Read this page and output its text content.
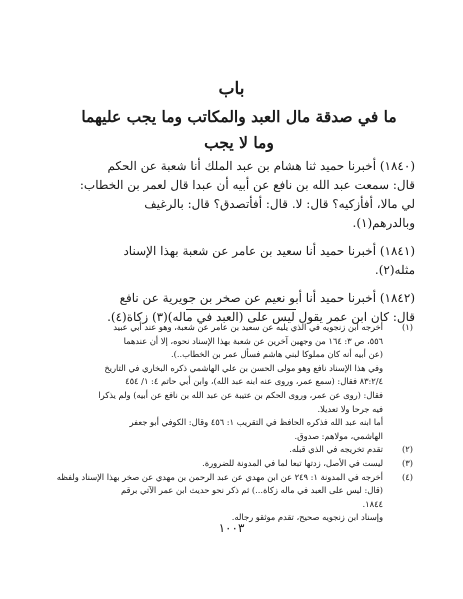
باب
ما في صدقة مال العبد والمكاتب وما يجب عليهما
وما لا يجب

(١٨٤٠) أخبرنا حميد ثنا هشام بن عبد الملك أنا شعبة عن الحكم

قال: سمعت عبد الله بن نافع عن أبيه أن عبدا قال لعمر بن الخطاب:

لي مالا، أفأزكيه؟ قال: لا. قال: أفأتصدق؟ قال: بالرغيف

وبالدرهم(١).

(١٨٤١) أخبرنا حميد أنا سعيد بن عامر عن شعبة بهذا الإسناد

مثله(٢).

(١٨٤٢) أخبرنا حميد أنا أبو نعيم عن صخر بن جويرية عن نافع

قال: كان ابن عمر يقول ليس على (العبد في ماله)(٣) زكاة(٤).

(١)
أخرجه ابن زنجويه في الذي يليه عن سعيد بن عامر عن شعبة، وهو عند أبي عبيد
٥٥٦، ص ٣: ١٦٤ من وجهين آخرين عن شعبة بهذا الإسناد نحوه، إلا أن عندهما
(عن أبيه أنه كان مملوكا لبني هاشم فسأل عمر بن الخطاب..).
وفي هذا الإسناد نافع وهو مولى الحسن بن علي الهاشمي ذكره البخاري في التاريخ
٨٣:٢/٤ فقال: (سمع عمر، وروى عنه ابنه عبد الله)، وابن أبي حاتم ٤: ١/ ٤٥٤
فقال: (روى عن عمر، وروى الحكم بن عتيبة عن عبد الله بن نافع عن أبيه) ولم يذكرا
فيه جرحا ولا تعديلا.
أما ابنه عبد الله فذكره الحافظ في التقريب ١: ٤٥٦ وقال: الكوفي أبو جعفر
الهاشمي، مولاهم: صدوق.
(٢)
تقدم تخريجه في الذي قبله.
(٣)
ليست في الأصل، زدتها تبعا لما في المدونة للضرورة.
(٤)
أخرجه في المدونة ١: ٢٤٩ عن ابن مهدي عن عبد الرحمن بن مهدي عن صخر بهذا الإسناد ولفظه
(قال: ليس على العبد في ماله زكاة...) ثم ذكر نحو حديث ابن عمر الآتي برقم
١٨٤٤.
وإسناد ابن زنجويه صحيح، تقدم موثقو رجاله.
١٠٠٣
